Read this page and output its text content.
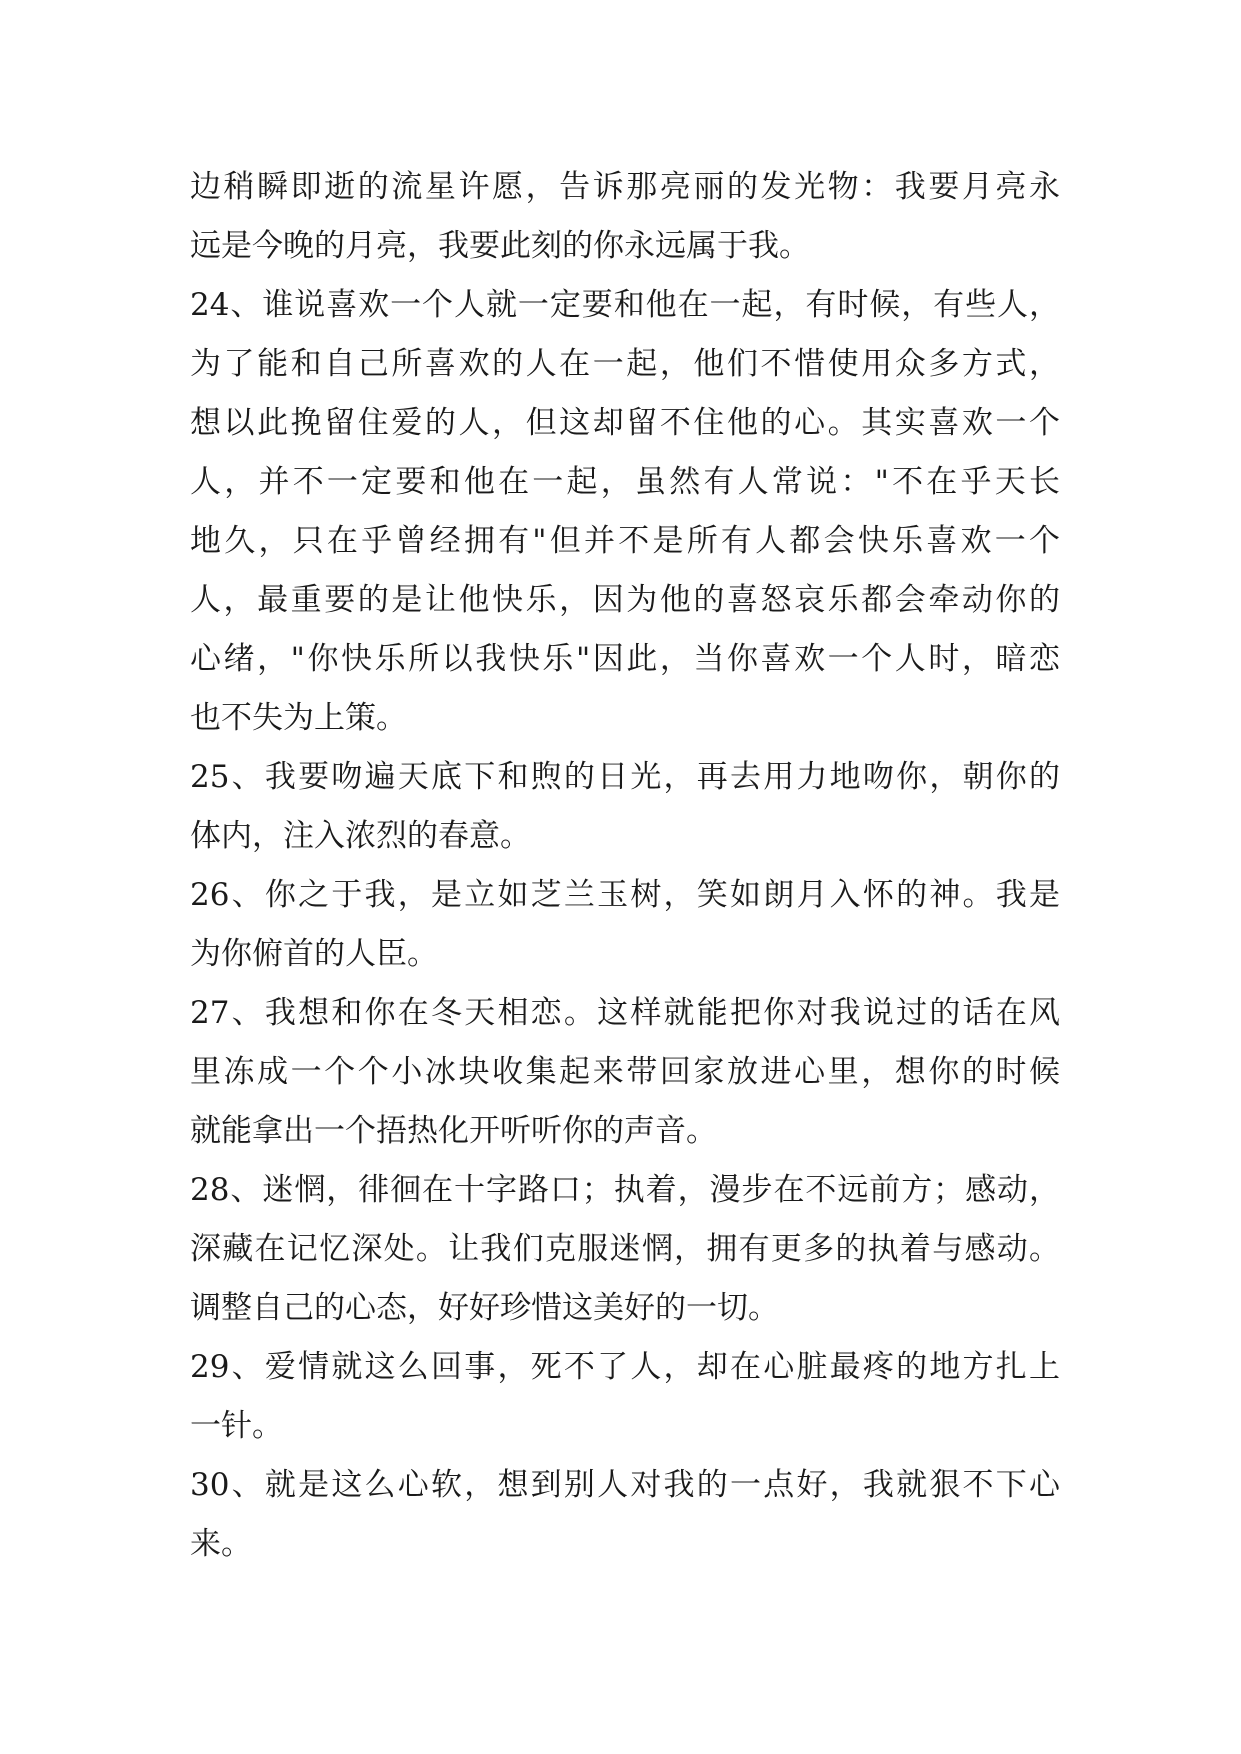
边稍瞬即逝的流星许愿，告诉那亮丽的发光物：我要月亮永
远是今晚的月亮，我要此刻的你永远属于我。
24、谁说喜欢一个人就一定要和他在一起，有时候，有些人，
为了能和自己所喜欢的人在一起，他们不惜使用众多方式，
想以此挽留住爱的人，但这却留不住他的心。其实喜欢一个
人，并不一定要和他在一起，虽然有人常说："不在乎天长
地久，只在乎曾经拥有"但并不是所有人都会快乐喜欢一个
人，最重要的是让他快乐，因为他的喜怒哀乐都会牵动你的
心绪，"你快乐所以我快乐"因此，当你喜欢一个人时，暗恋
也不失为上策。
25、我要吻遍天底下和煦的日光，再去用力地吻你，朝你的
体内，注入浓烈的春意。
26、你之于我，是立如芝兰玉树，笑如朗月入怀的神。我是
为你俯首的人臣。
27、我想和你在冬天相恋。这样就能把你对我说过的话在风
里冻成一个个小冰块收集起来带回家放进心里，想你的时候
就能拿出一个捂热化开听听你的声音。
28、迷惘，徘徊在十字路口；执着，漫步在不远前方；感动，
深藏在记忆深处。让我们克服迷惘，拥有更多的执着与感动。
调整自己的心态，好好珍惜这美好的一切。
29、爱情就这么回事，死不了人，却在心脏最疼的地方扎上
一针。
30、就是这么心软，想到别人对我的一点好，我就狠不下心
来。
